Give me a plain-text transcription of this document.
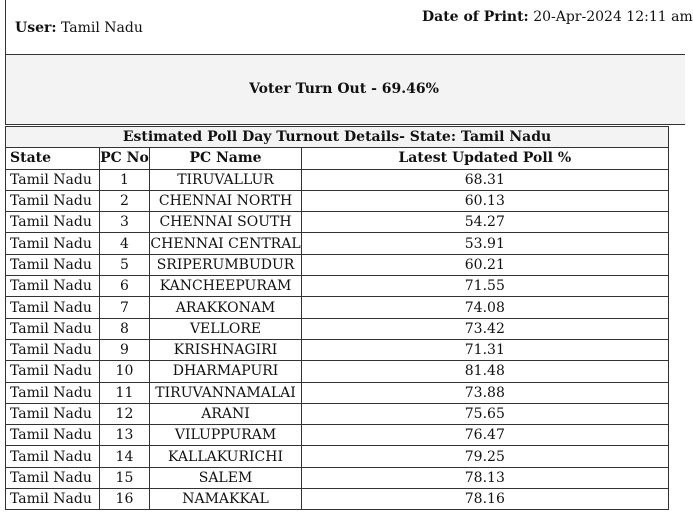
User: Tamil Nadu
Date of Print: 20-Apr-2024 12:11 am
Voter Turn Out - 69.46%
Estimated Poll Day Turnout Details- State: Tamil Nadu			
State	PC No	PC Name	Latest Updated Poll %
Tamil Nadu	1	TIRUVALLUR	68.31
Tamil Nadu	2	CHENNAI NORTH	60.13
Tamil Nadu	3	CHENNAI SOUTH	54.27
Tamil Nadu	4	CHENNAI CENTRAL	53.91
Tamil Nadu	5	SRIPERUMBUDUR	60.21
Tamil Nadu	6	KANCHEEPURAM	71.55
Tamil Nadu	7	ARAKKONAM	74.08
Tamil Nadu	8	VELLORE	73.42
Tamil Nadu	9	KRISHNAGIRI	71.31
Tamil Nadu	10	DHARMAPURI	81.48
Tamil Nadu	11	TIRUVANNAMALAI	73.88
Tamil Nadu	12	ARANI	75.65
Tamil Nadu	13	VILUPPURAM	76.47
Tamil Nadu	14	KALLAKURICHI	79.25
Tamil Nadu	15	SALEM	78.13
Tamil Nadu	16	NAMAKKAL	78.16
